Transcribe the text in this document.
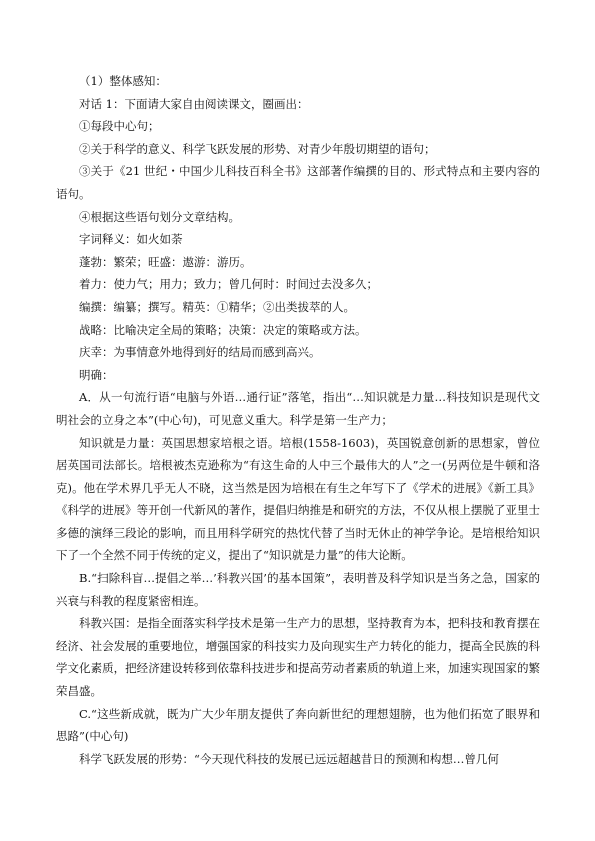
（1）整体感知：

对话 1：下面请大家自由阅读课文，圈画出：

①每段中心句；

②关于科学的意义、科学飞跃发展的形势、对青少年殷切期望的语句；

③关于《21 世纪・中国少儿科技百科全书》这部著作编撰的目的、形式特点和主要内容的语句。

④根据这些语句划分文章结构。

字词释义：如火如荼

蓬勃：繁荣；旺盛：遨游：游历。

着力：使力气；用力；致力；曾几何时：时间过去没多久；

编撰：编纂；撰写。精英：①精华；②出类拔萃的人。

战略：比喻决定全局的策略；决策：决定的策略或方法。

庆幸：为事情意外地得到好的结局而感到高兴。

明确：

A．从一句流行语“电脑与外语…通行证”落笔，指出“…知识就是力量…科技知识是现代文明社会的立身之本”(中心句)，可见意义重大。科学是第一生产力；

知识就是力量：英国思想家培根之语。培根(1558-1603)，英国锐意创新的思想家，曾位居英国司法部长。培根被杰克逊称为“有这生命的人中三个最伟大的人”之一(另两位是牛顿和洛克)。他在学术界几乎无人不晓，这当然是因为培根在有生之年写下了《学术的进展》《新工具》《科学的进展》等开创一代新风的著作，提倡归纳推是和研究的方法，不仅从根上摆脱了亚里士多德的演绎三段论的影响，而且用科学研究的热忱代替了当时无休止的神学争论。是培根给知识下了一个全然不同于传统的定义，提出了“知识就是力量”的伟大论断。

B.“扫除科盲…提倡之举…’科教兴国’的基本国策”，表明普及科学知识是当务之急，国家的兴衰与科教的程度紧密相连。

科教兴国：是指全面落实科学技术是第一生产力的思想，坚持教育为本，把科技和教育摆在经济、社会发展的重要地位，增强国家的科技实力及向现实生产力转化的能力，提高全民族的科学文化素质，把经济建设转移到依靠科技进步和提高劳动者素质的轨道上来，加速实现国家的繁荣昌盛。

C.“这些新成就，既为广大少年朋友提供了奔向新世纪的理想翅膀，也为他们拓宽了眼界和思路”(中心句)

科学飞跃发展的形势：“今天现代科技的发展已远远超越昔日的预测和构想…曾几何
